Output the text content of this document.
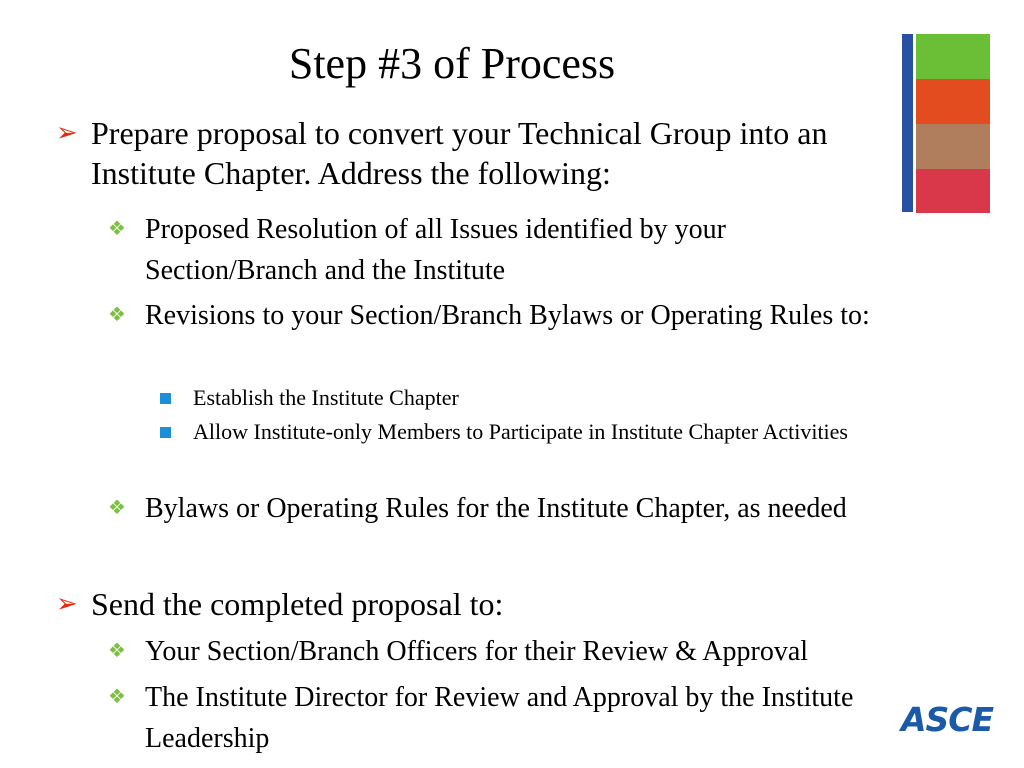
Step #3 of Process
➢ Prepare proposal to convert your Technical Group into an Institute Chapter. Address the following:
❖ Proposed Resolution of all Issues identified by your Section/Branch and the Institute
❖ Revisions to your Section/Branch Bylaws or Operating Rules to:
Establish the Institute Chapter
Allow Institute-only Members to Participate in Institute Chapter Activities
❖ Bylaws or Operating Rules for the Institute Chapter, as needed
➢ Send the completed proposal to:
❖ Your Section/Branch Officers for their Review & Approval
❖ The Institute Director for Review and Approval by the Institute Leadership	ASCE
